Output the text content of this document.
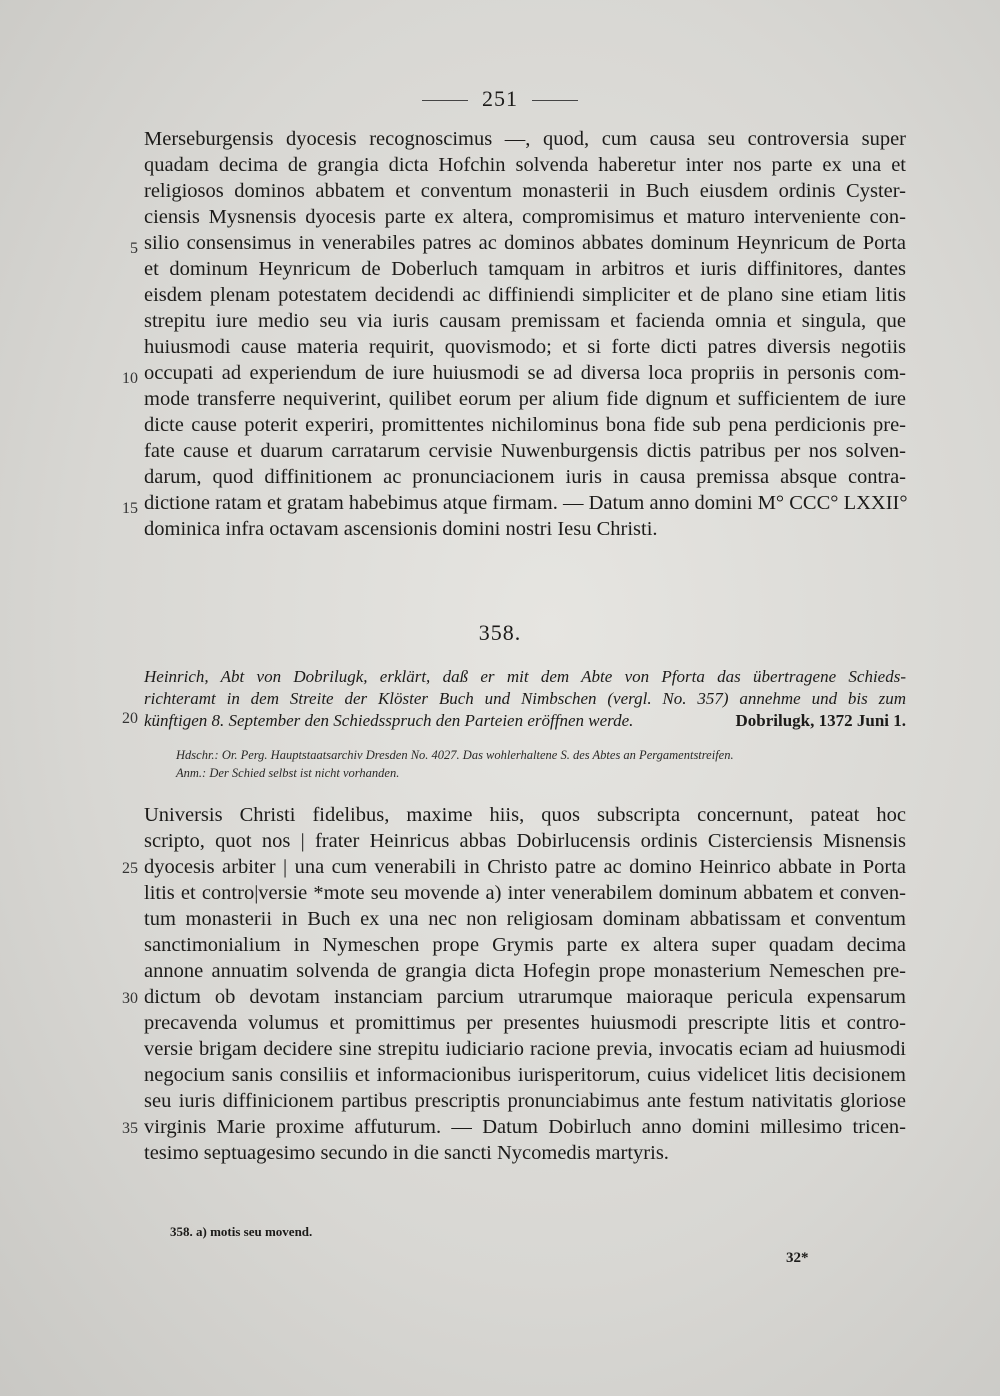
251
Merseburgensis dyocesis recognoscimus —, quod, cum causa seu controversia super
quadam decima de grangia dicta Hofchin solvenda haberetur inter nos parte ex una et
religiosos dominos abbatem et conventum monasterii in Buch eiusdem ordinis Cyster-
ciensis Mysnensis dyocesis parte ex altera, compromisimus et maturo interveniente con-
silio consensimus in venerabiles patres ac dominos abbates dominum Heynricum de Porta
et dominum Heynricum de Doberluch tamquam in arbitros et iuris diffinitores, dantes
eisdem plenam potestatem decidendi ac diffiniendi simpliciter et de plano sine etiam litis
strepitu iure medio seu via iuris causam premissam et facienda omnia et singula, que
huiusmodi cause materia requirit, quovismodo; et si forte dicti patres diversis negotiis
occupati ad experiendum de iure huiusmodi se ad diversa loca propriis in personis com-
mode transferre nequiverint, quilibet eorum per alium fide dignum et sufficientem de iure
dicte cause poterit experiri, promittentes nichilominus bona fide sub pena perdicionis pre-
fate cause et duarum carratarum cervisie Nuwenburgensis dictis patribus per nos solven-
darum, quod diffinitionem ac pronunciacionem iuris in causa premissa absque contra-
dictione ratam et gratam habebimus atque firmam. — Datum anno domini M° CCC° LXXII°
dominica infra octavam ascensionis domini nostri Iesu Christi.
5
10
15
358.
Heinrich, Abt von Dobrilugk, erklärt, daß er mit dem Abte von Pforta das übertragene Schieds-
richteramt in dem Streite der Klöster Buch und Nimbschen (vergl. No. 357) annehme und bis zum
künftigen 8. September den Schiedsspruch den Parteien eröffnen werde.	Dobrilugk, 1372 Juni 1.
20
Hdschr.: Or. Perg. Hauptstaatsarchiv Dresden No. 4027. Das wohlerhaltene S. des Abtes an Pergamentstreifen.
Anm.: Der Schied selbst ist nicht vorhanden.
Universis Christi fidelibus, maxime hiis, quos subscripta concernunt, pateat hoc
scripto, quot nos | frater Heinricus abbas Dobirlucensis ordinis Cisterciensis Misnensis
dyocesis arbiter | una cum venerabili in Christo patre ac domino Heinrico abbate in Porta
litis et contro|versie *mote seu movende a) inter venerabilem dominum abbatem et conven-
tum monasterii in Buch ex una nec non religiosam dominam abbatissam et conventum
sanctimonialium in Nymeschen prope Grymis parte ex altera super quadam decima
annone annuatim solvenda de grangia dicta Hofegin prope monasterium Nemeschen pre-
dictum ob devotam instanciam parcium utrarumque maioraque pericula expensarum
precavenda volumus et promittimus per presentes huiusmodi prescripte litis et contro-
versie brigam decidere sine strepitu iudiciario racione previa, invocatis eciam ad huiusmodi
negocium sanis consiliis et informacionibus iurisperitorum, cuius videlicet litis decisionem
seu iuris diffinicionem partibus prescriptis pronunciabimus ante festum nativitatis gloriose
virginis Marie proxime affuturum. — Datum Dobirluch anno domini millesimo tricen-
tesimo septuagesimo secundo in die sancti Nycomedis martyris.
25
30
35
358. a) motis seu movend.
32*
